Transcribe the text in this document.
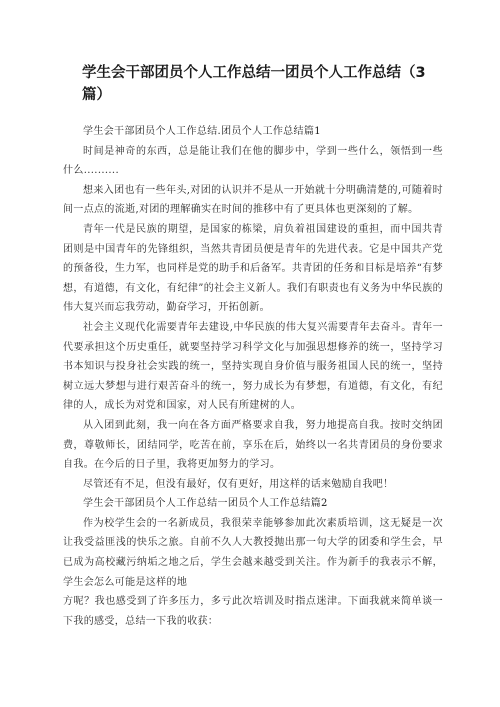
学生会干部团员个人工作总结一团员个人工作总结（3篇）

学生会干部团员个人工作总结.团员个人工作总结篇1

时间是神奇的东西，总是能让我们在他的脚步中，学到一些什么，领悟到一些什么..........

想来入团也有一些年头,对团的认识并不是从一开始就十分明确清楚的,可随着时间一点点的流逝,对团的理解确实在时间的推移中有了更具体也更深刻的了解。

青年一代是民族的期望，是国家的栋梁，肩负着祖国建设的重担，而中国共青团则是中国青年的先锋组织，当然共青团员便是青年的先进代表。它是中国共产党的预备役，生力军，也同样是党的助手和后备军。共青团的任务和目标是培养“有梦想，有道德，有文化，有纪律”的社会主义新人。我们有职责也有义务为中华民族的伟大复兴而忘我劳动，勤奋学习，开拓创新。

社会主义现代化需要青年去建设,中华民族的伟大复兴需要青年去奋斗。青年一代要承担这个历史重任，就要坚持学习科学文化与加强思想修养的统一，坚持学习书本知识与投身社会实践的统一，坚持实现自身价值与服务祖国人民的统一，坚持树立远大梦想与进行艰苦奋斗的统一，努力成长为有梦想，有道德，有文化，有纪律的人，成长为对党和国家，对人民有所建树的人。

从入团到此刻，我一向在各方面严格要求自我，努力地提高自我。按时交纳团费，尊敬师长，团结同学，吃苦在前，享乐在后，始终以一名共青团员的身份要求自我。在今后的日子里，我将更加努力的学习。

尽管还有不足，但没有最好，仅有更好，用这样的话来勉励自我吧！

学生会干部团员个人工作总结一团员个人工作总结篇2

作为校学生会的一名新成员，我很荣幸能够参加此次素质培训，这无疑是一次让我受益匪浅的快乐之旅。自前不久人大教授抛出那一句大学的团委和学生会，早已成为高校藏污纳垢之地之后，学生会越来越受到关注。作为新手的我表示不解，学生会怎么可能是这样的地

方呢？我也感受到了许多压力，多亏此次培训及时指点迷津。下面我就来简单谈一下我的感受，总结一下我的收获：
